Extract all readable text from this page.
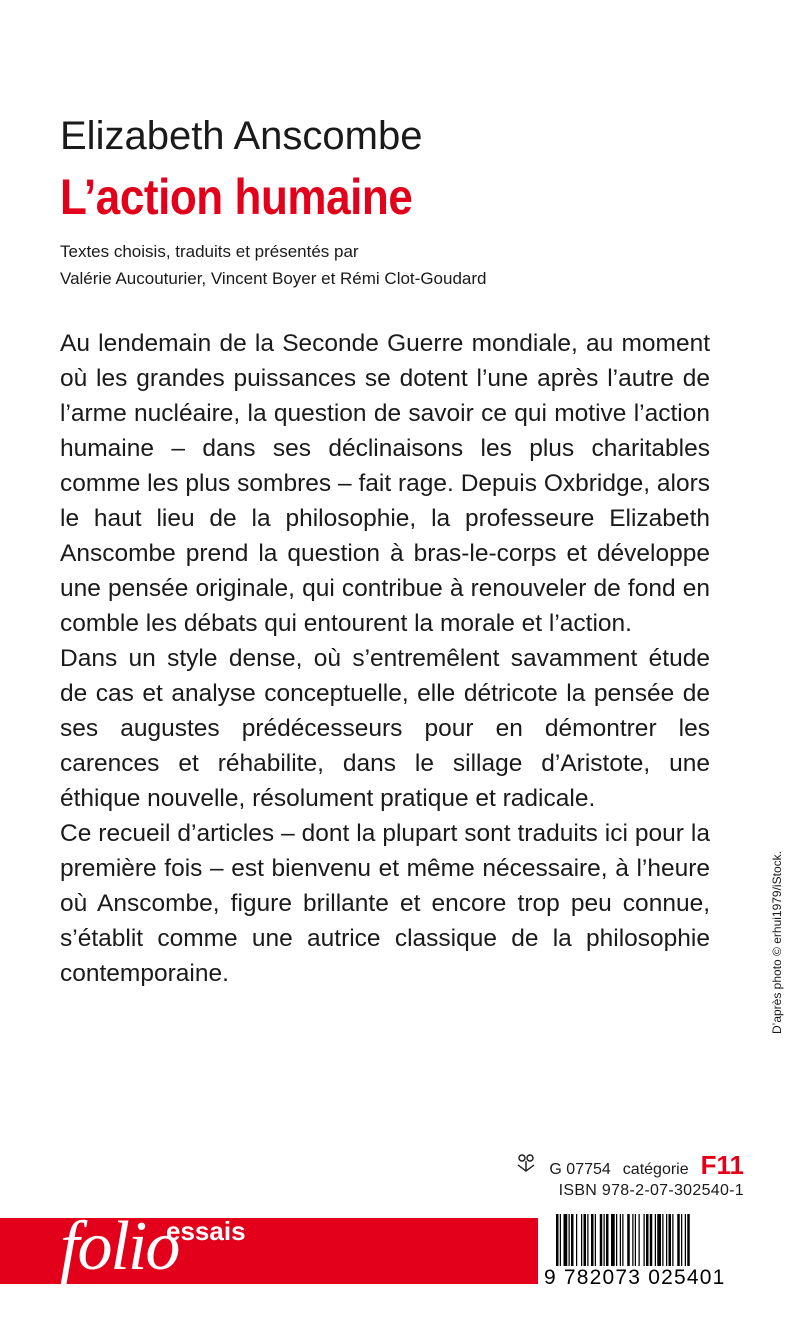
Elizabeth Anscombe
L’action humaine
Textes choisis, traduits et présentés par
Valérie Aucouturier, Vincent Boyer et Rémi Clot-Goudard

Au lendemain de la Seconde Guerre mondiale, au moment où les grandes puissances se dotent l’une après l’autre de l’arme nucléaire, la question de savoir ce qui motive l’action humaine – dans ses déclinaisons les plus charitables comme les plus sombres – fait rage. Depuis Oxbridge, alors le haut lieu de la philosophie, la professeure Elizabeth Anscombe prend la question à bras-le-corps et développe une pensée originale, qui contribue à renouveler de fond en comble les débats qui entourent la morale et l’action.

Dans un style dense, où s’entremêlent savamment étude de cas et analyse conceptuelle, elle détricote la pensée de ses augustes prédécesseurs pour en démontrer les carences et réhabilite, dans le sillage d’Aristote, une éthique nouvelle, résolument pratique et radicale.

Ce recueil d’articles – dont la plupart sont traduits ici pour la première fois – est bienvenu et même nécessaire, à l’heure où Anscombe, figure brillante et encore trop peu connue, s’établit comme une autrice classique de la philosophie contemporaine.	D’après photo © erhui1979/iStock.
G 07754 catégorie F11
ISBN 978-2-07-302540-1
folio
essais
9 782073 025401
